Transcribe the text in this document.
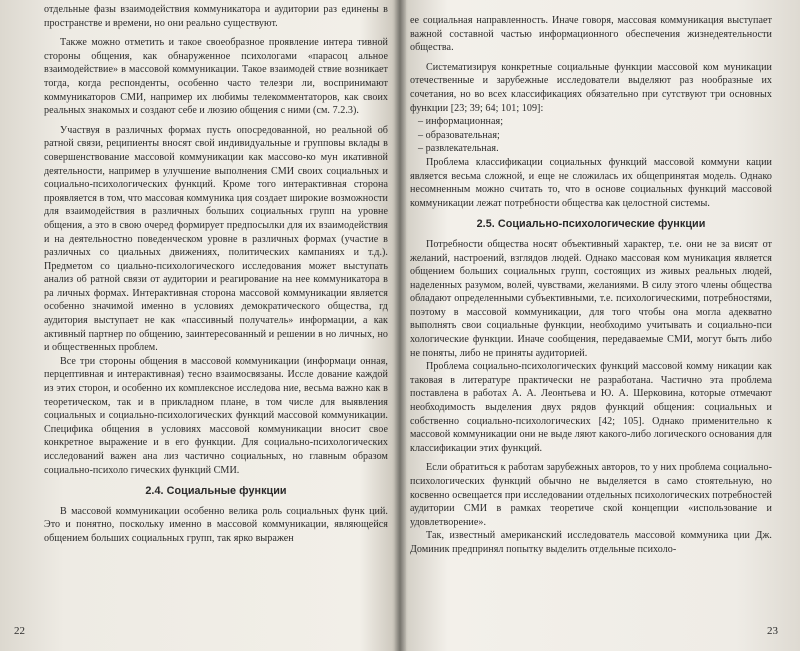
отдельные фазы взаимодействия коммуникатора и аудитории раз единены в пространстве и времени, но они реально существуют.

Также можно отметить и такое своеобразное проявление интера тивной стороны общения, как обнаруженное психологами «парасоц альное взаимодействие» в массовой коммуникации. Такое взаимодей ствие возникает тогда, когда респонденты, особенно часто телезри ли, воспринимают коммуникаторов СМИ, например их любимы телекомментаторов, как своих реальных знакомых и создают себе и люзию общения с ними (см. 7.2.3).

Участвуя в различных формах пусть опосредованной, но реальной об ратной связи, реципиенты вносят свой индивидуальные и групповы вклады в совершенствование массовой коммуникации как массово-ко мун икативной деятельности, например в улучшение выполнения СМИ своих социальных и социально-психологических функций. Кроме того интерактивная сторона проявляется в том, что массовая коммуника ция создает широкие возможности для взаимодействия в различных больших социальных групп на уровне общения, а это в свою очеред формирует предпосылки для их взаимодействия и на деятельностно поведенческом уровне в различных формах (участие в различных со циальных движениях, политических кампаниях и т.д.). Предметом со циально-психологического исследования может выступать анализ об ратной связи от аудитории и реагирование на нее коммуникатора в ра личных формах. Интерактивная сторона массовой коммуникации является особенно значимой именно в условиях демократического общества, гд аудитория выступает не как «пассивный получатель» информации, а как активный партнер по общению, заинтересованный и решении в но личных, но и общественных проблем.

Все три стороны общения в массовой коммуникации (информаци онная, перцептивная и интерактивная) тесно взаимосвязаны. Иссле дование каждой из этих сторон, и особенно их комплексное исследова ние, весьма важно как в теоретическом, так и в прикладном плане, в том числе для выявления социальных и социально-психологических функций массовой коммуникации. Специфика общения в условиях массовой коммуникации вносит свое конкретное выражение и в его функции. Для социально-психологических исследований важен ана лиз частично социальных, но главным образом социально-психоло гических функций СМИ.

2.4. Социальные функции

В массовой коммуникации особенно велика роль социальных функ ций. Это и понятно, поскольку именно в массовой коммуникации, являющейся общением больших социальных групп, так ярко выражен

22

ее социальная направленность. Иначе говоря, массовая коммуникация выступает важной составной частью информационного обеспечения жизнедеятельности общества.

Систематизируя конкретные социальные функции массовой ком муникации отечественные и зарубежные исследователи выделяют раз нообразные их сочетания, но во всех классификациях обязательно при сутствуют три основных функции [23; 39; 64; 101; 109]:

– информационная;
– образовательная;
– развлекательная.

Проблема классификации социальных функций массовой коммуни кации является весьма сложной, и еще не сложилась их общепринятая модель. Однако несомненным можно считать то, что в основе социальных функций массовой коммуникации лежат потребности общества как целостной системы.

2.5. Социально-психологические функции

Потребности общества носят объективный характер, т.е. они не за висят от желаний, настроений, взглядов людей. Однако массовая ком муникация является общением больших социальных групп, состоящих из живых реальных людей, наделенных разумом, волей, чувствами, желаниями. В силу этого члены общества обладают определенными субъективными, т.е. психологическими, потребностями, поэтому в массовой коммуникации, для того чтобы она могла адекватно выполнять свои социальные функции, необходимо учитывать и социально-пси хологические функции. Иначе сообщения, передаваемые СМИ, могут быть либо не поняты, либо не приняты аудиторией.

Проблема социально-психологических функций массовой комму никации как таковая в литературе практически не разработана. Частично эта проблема поставлена в работах А. А. Леонтьева и Ю. А. Шерковина, которые отмечают необходимость выделения двух рядов функций общения: социальных и собственно социально-психологических [42; 105]. Однако применительно к массовой коммуникации они не выде ляют какого-либо логического основания для классификации этих функций.

Если обратиться к работам зарубежных авторов, то у них проблема социально-психологических функций обычно не выделяется в само стоятельную, но косвенно освещается при исследовании отдельных психологических потребностей аудитории СМИ в рамках теоретиче ской концепции «использование и удовлетворение».

Так, известный американский исследователь массовой коммуника ции Дж. Доминик предпринял попытку выделить отдельные психоло-

23
